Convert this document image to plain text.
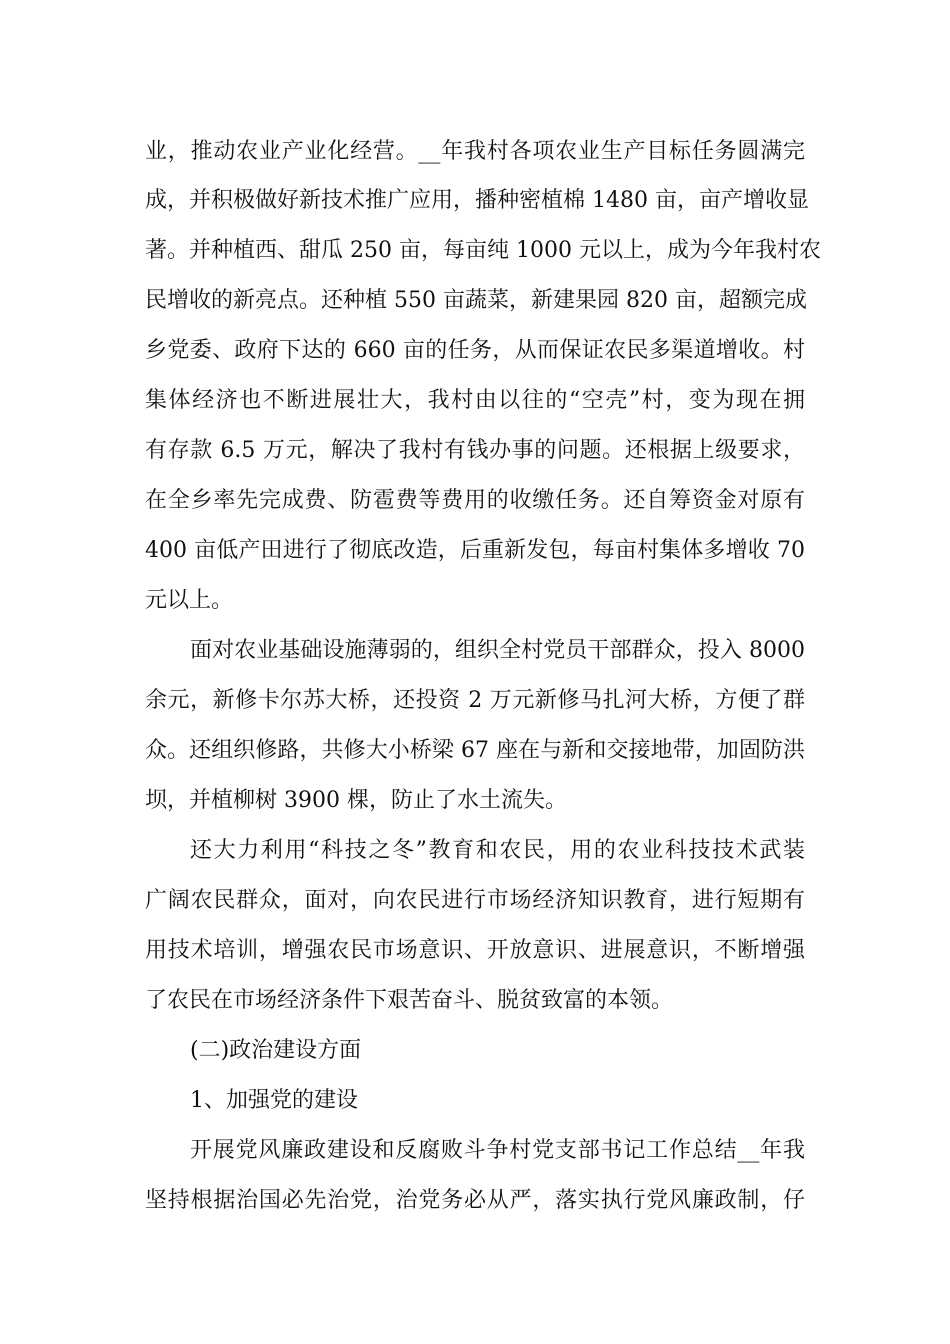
业，推动农业产业化经营。__年我村各项农业生产目标任务圆满完
成，并积极做好新技术推广应用，播种密植棉 1480 亩，亩产增收显
著。并种植西、甜瓜 250 亩，每亩纯 1000 元以上，成为今年我村农
民增收的新亮点。还种植 550 亩蔬菜，新建果园 820 亩，超额完成
乡党委、政府下达的 660 亩的任务，从而保证农民多渠道增收。村
集体经济也不断进展壮大，我村由以往的“空壳”村，变为现在拥
有存款 6.5 万元，解决了我村有钱办事的问题。还根据上级要求，
在全乡率先完成费、防雹费等费用的收缴任务。还自筹资金对原有
400 亩低产田进行了彻底改造，后重新发包，每亩村集体多增收 70
元以上。
面对农业基础设施薄弱的，组织全村党员干部群众，投入 8000
余元，新修卡尔苏大桥，还投资 2 万元新修马扎河大桥，方便了群
众。还组织修路，共修大小桥梁 67 座在与新和交接地带，加固防洪
坝，并植柳树 3900 棵，防止了水土流失。
还大力利用“科技之冬”教育和农民，用的农业科技技术武装
广阔农民群众，面对，向农民进行市场经济知识教育，进行短期有
用技术培训，增强农民市场意识、开放意识、进展意识，不断增强
了农民在市场经济条件下艰苦奋斗、脱贫致富的本领。
(二)政治建设方面
1、加强党的建设
开展党风廉政建设和反腐败斗争村党支部书记工作总结__年我
坚持根据治国必先治党，治党务必从严，落实执行党风廉政制，仔
